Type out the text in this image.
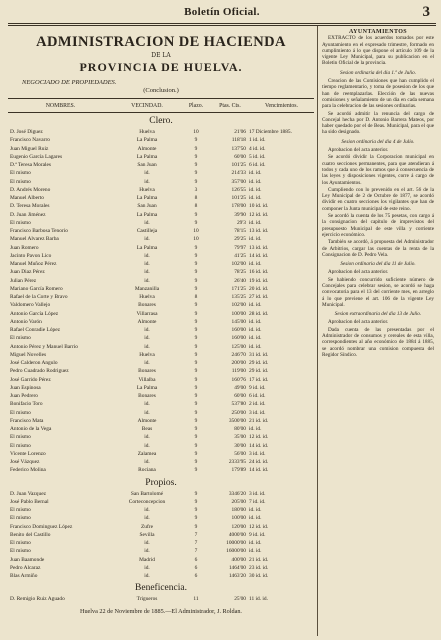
Boletín Oficial.	3
ADMINISTRACION DE HACIENDA
DE LA
PROVINCIA DE HUELVA.
NEGOCIADO DE PROPIEDADES.
(Conclusion.)
NOMBRES.	VECINDAD.	Plazo.	Ptas. Cts.	Vencimientos.
Clero.
D. José Diguez	Huelva	10	21'06 17 Diciembre 1885.
Francisco Navarro	La Palma	9	118'18 1 id. id.
Juan Miguel Ruiz	Almonte	9	137'50 4 id. id.
Eugenio García Lagares	La Palma	9	60'00 5 id. id.
D.ª Teresa Morales	San Juan	9	101'25 6 id. id.
El mismo	id.	9	214'33 id. id.
El mismo	id.	9	357'00 id. id.
D. Andrés Moreno	Huelva	3	126'55 id. id.
Manuel Alberto	La Palma	8	101'25 id. id.
D. Teresa Morales	San Juan	8	178'00 10 id. id.
D. Juan Jiménez	La Palma	9	39'90 12 id. id.
El mismo	id.	9	29'3 id. id.
Francisco Barbosa Tenorio	Castilleja	10	78'15 13 id. id.
Manuel Alvarez Barba	id.	10	29'25 id. id.
Juan Romero	La Palma	9	79'97 13 id. id.
Jacinto Pavon Lico	id.	9	41'25 14 id. id.
Manuel Muñoz Pérez	id.	9	102'00 id. id.
Juan Diaz Pérez	id.	9	78'25 16 id. id.
Julian Pérez	id.	9	26'40 19 id. id.
Mariano García Romero	Manzanilla	9	171'25 20 id. id.
Rafael de la Corte y Bravo	Huelva	8	135'25 27 id. id.
Valdomero Vallejo	Bonares	9	102'00 id. id.
Antonio García López	Villarrasa	9	100'00 28 id. id.
Antonio Varón	Almonte	9	145'00 id. id.
Rafael Conradie López	id.	9	160'00 id. id.
El mismo	id.	9	160'00 id. id.
Antonio Pérez y Manuel Barrio	id.	9	125'00 id. id.
Miguel Novelles	Huelva	9	246'70 31 id. id.
José Calderon Angulo	id.	9	200'00 29 id. id.
Pedro Cuadrado Rodriguez	Bonares	9	119'00 29 id. id.
José Garrido Pérez	Villalba	9	160'76 17 id. id.
Juan Espinosa	La Palma	9	49'00 9 id. id.
Juan Pedrero	Bonares	9	60'00 6 id. id.
Bonifacio Toro	id.	9	537'80 2 id. id.
El mismo	id.	9	250'00 3 id. id.
Francisco Mata	Almonte	9	3500'00 21 id. id.
Antonio de la Vega	Beas	9	80'00 id. id.
El mismo	id.	9	35'00 12 id. id.
El mismo	id.	9	30'00 14 id. id.
Vicente Lorenzo	Zalamea	9	56'00 3 id. id.
José Vázquez	id.	9	2333'95 24 id. id.
Federico Molina	Rociana	9	179'89 14 id. id.
Propios.
D. Juan Vazquez	San Bartolomé	9	3346'20 3 id. id.
José Pablo Bernal	Corteconcepcion	9	205'00 7 id. id.
El mismo	id.	9	180'00 id. id.
El mismo	id.	9	100'00 id. id.
Francisco Dominguez López	Zufre	9	120'00 12 id. id.
Benito del Castillo	Sevilla	7	4000'00 9 id. id.
El mismo	id.	7	10000'00 id. id.
El mismo	id.	7	16000'00 id. id.
Juan Baamonde	Madrid	6	400'00 21 id. id.
Pedro Alcaraz	id.	6	1464'00 23 id. id.
Blas Armiño	id.	6	1463'20 30 id. id.
Beneficencia.
D. Remigio Ruiz Aguado	Trigueros	11	25'00 11 id. id.
Huelva 22 de Noviembre de 1885.—El Administrador, J. Roldan.
AYUNTAMIENTOS

EXTRACTO de los acuerdos tomados por este Ayuntamiento en el expresado trimestre, formado en cumplimiento á lo que dispone el artículo 109 de la vigente Ley Municipal, para su publicacion en el Boletin Oficial de la provincia.

Sesion ordinaria del dia 1.º de Julio.

Creacion de las Comisiones que han cumplido el tiempo reglamentario, y toma de posesion de los que han de reemplazarlas. Elección de las nuevas comisiones y señalamiento de un dia en cada semana para la celebracion de las sesiones ordinarias.

Se acordó admitir la renuncia del cargo de Concejal hecha por D. Antonio Barrera Mateos, por haber quedado por el de Beas. Municipal, para el que ha sido designado.

Sesion ordinaria del dia 4 de Julio.

Aprobacion del acta anterior.

Se acordó dividir la Corporacion municipal en cuatro secciones permanentes, para que atendieran á todos y cada uno de los ramos que á consecuencia de las leyes y disposiciones vigentes, corre á cargo de los Ayuntamientos.

Cumpliendo con lo prevenido en el art. 56 de la Ley Municipal de 2 de Octubre de 1877, se acordó dividir en cuatro secciones los vigilantes que han de componer la Junta municipal de este reino.

Se acordó la cuenta de los 75 pesetas, con cargo á la consignacion del capítulo de imprevistos del presupuesto Municipal de este villa y corriente ejercicio económico.

También se acordó, á propuesta del Administrador de Arbitrios, cargar las cuentas de la renta de la Consignacion de D. Pedro Vela.

Sesion ordinaria del dia 11 de Julio.

Aprobacion del acta anterior.

Se habiendo concurrido suficiente número de Concejales para celebrar sesion, se acordó se haga convocatoria para el 13 del corriente mes, en arreglo á lo que previene el art. 106 de la vigente Ley Municipal.

Sesion extraordinaria del dia 13 de Julio.

Aprobacion del acta anterior.

Dada cuenta de las presentadas por el Administrador de consumos y cereales de esta villa, correspondientes al año económico de 1884 á 1885, se acordó nombrar una comision compuesta del Regidor Síndico.
